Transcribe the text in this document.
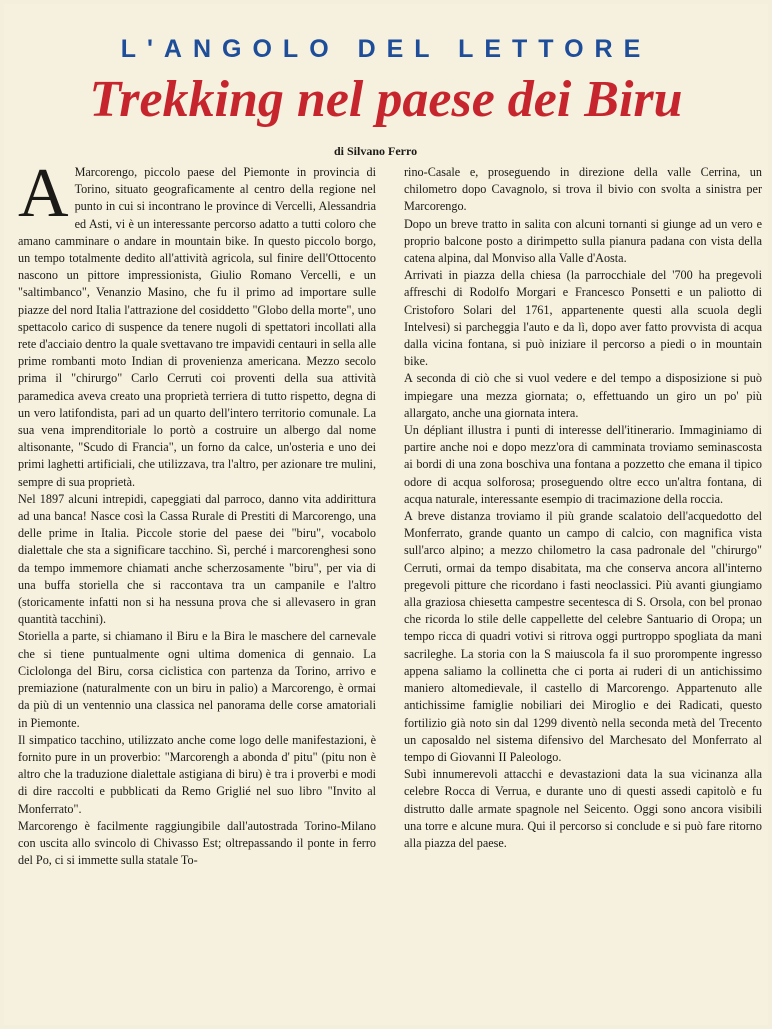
L'ANGOLO DEL LETTORE
Trekking nel paese dei Biru
di Silvano Ferro
A Marcorengo, piccolo paese del Piemonte in provincia di Torino, situato geograficamente al centro della regione nel punto in cui si incontrano le province di Vercelli, Alessandria ed Asti, vi è un interessante percorso adatto a tutti coloro che amano camminare o andare in mountain bike. In questo piccolo borgo, un tempo totalmente dedito all'attività agricola, sul finire dell'Ottocento nascono un pittore impressionista, Giulio Romano Vercelli, e un "saltimbanco", Venanzio Masino, che fu il primo ad importare sulle piazze del nord Italia l'attrazione del cosiddetto "Globo della morte", uno spettacolo carico di suspence da tenere nugoli di spettatori incollati alla rete d'acciaio dentro la quale svettavano tre impavidi centauri in sella alle prime rombanti moto Indian di provenienza americana. Mezzo secolo prima il "chirurgo" Carlo Cerruti coi proventi della sua attività paramedica aveva creato una proprietà terriera di tutto rispetto, degna di un vero latifondista, pari ad un quarto dell'intero territorio comunale. La sua vena imprenditoriale lo portò a costruire un albergo dal nome altisonante, "Scudo di Francia", un forno da calce, un'osteria e uno dei primi laghetti artificiali, che utilizzava, tra l'altro, per azionare tre mulini, sempre di sua proprietà.

Nel 1897 alcuni intrepidi, capeggiati dal parroco, danno vita addirittura ad una banca! Nasce così la Cassa Rurale di Prestiti di Marcorengo, una delle prime in Italia. Piccole storie del paese dei "biru", vocabolo dialettale che sta a significare tacchino. Sì, perché i marcorenghesi sono da tempo immemore chiamati anche scherzosamente "biru", per via di una buffa storiella che si raccontava tra un campanile e l'altro (storicamente infatti non si ha nessuna prova che si allevasero in gran quantità tacchini).

Storiella a parte, si chiamano il Biru e la Bira le maschere del carnevale che si tiene puntualmente ogni ultima domenica di gennaio. La Ciclolonga del Biru, corsa ciclistica con partenza da Torino, arrivo e premiazione (naturalmente con un biru in palio) a Marcorengo, è ormai da più di un ventennio una classica nel panorama delle corse amatoriali in Piemonte.

Il simpatico tacchino, utilizzato anche come logo delle manifestazioni, è fornito pure in un proverbio: "Marcorengh a abonda d' pitu" (pitu non è altro che la traduzione dialettale astigiana di biru) è tra i proverbi e modi di dire raccolti e pubblicati da Remo Griglié nel suo libro "Invito al Monferrato".

Marcorengo è facilmente raggiungibile dall'autostrada Torino-Milano con uscita allo svincolo di Chivasso Est; oltrepassando il ponte in ferro del Po, ci si immette sulla statale To-

rino-Casale e, proseguendo in direzione della valle Cerrina, un chilometro dopo Cavagnolo, si trova il bivio con svolta a sinistra per Marcorengo.

Dopo un breve tratto in salita con alcuni tornanti si giunge ad un vero e proprio balcone posto a dirimpetto sulla pianura padana con vista della catena alpina, dal Monviso alla Valle d'Aosta.

Arrivati in piazza della chiesa (la parrocchiale del '700 ha pregevoli affreschi di Rodolfo Morgari e Francesco Ponsetti e un paliotto di Cristoforo Solari del 1761, appartenente questi alla scuola degli Intelvesi) si parcheggia l'auto e da lì, dopo aver fatto provvista di acqua dalla vicina fontana, si può iniziare il percorso a piedi o in mountain bike.

A seconda di ciò che si vuol vedere e del tempo a disposizione si può impiegare una mezza giornata; o, effettuando un giro un po' più allargato, anche una giornata intera.

Un dépliant illustra i punti di interesse dell'itinerario. Immaginiamo di partire anche noi e dopo mezz'ora di camminata troviamo seminascosta ai bordi di una zona boschiva una fontana a pozzetto che emana il tipico odore di acqua solforosa; proseguendo oltre ecco un'altra fontana, di acqua naturale, interessante esempio di tracimazione della roccia.

A breve distanza troviamo il più grande scalatoio dell'acquedotto del Monferrato, grande quanto un campo di calcio, con magnifica vista sull'arco alpino; a mezzo chilometro la casa padronale del "chirurgo" Cerruti, ormai da tempo disabitata, ma che conserva ancora all'interno pregevoli pitture che ricordano i fasti neoclassici. Più avanti giungiamo alla graziosa chiesetta campestre secentesca di S. Orsola, con bel pronao che ricorda lo stile delle cappellette del celebre Santuario di Oropa; un tempo ricca di quadri votivi si ritrova oggi purtroppo spogliata da mani sacrileghe. La storia con la S maiuscola fa il suo prorompente ingresso appena saliamo la collinetta che ci porta ai ruderi di un antichissimo maniero altomedievale, il castello di Marcorengo. Appartenuto alle antichissime famiglie nobiliari dei Miroglio e dei Radicati, questo fortilizio già noto sin dal 1299 diventò nella seconda metà del Trecento un caposaldo nel sistema difensivo del Marchesato del Monferrato al tempo di Giovanni II Paleologo.

Subì innumerevoli attacchi e devastazioni data la sua vicinanza alla celebre Rocca di Verrua, e durante uno di questi assedi capitolò e fu distrutto dalle armate spagnole nel Seicento. Oggi sono ancora visibili una torre e alcune mura. Qui il percorso si conclude e si può fare ritorno alla piazza del paese.
